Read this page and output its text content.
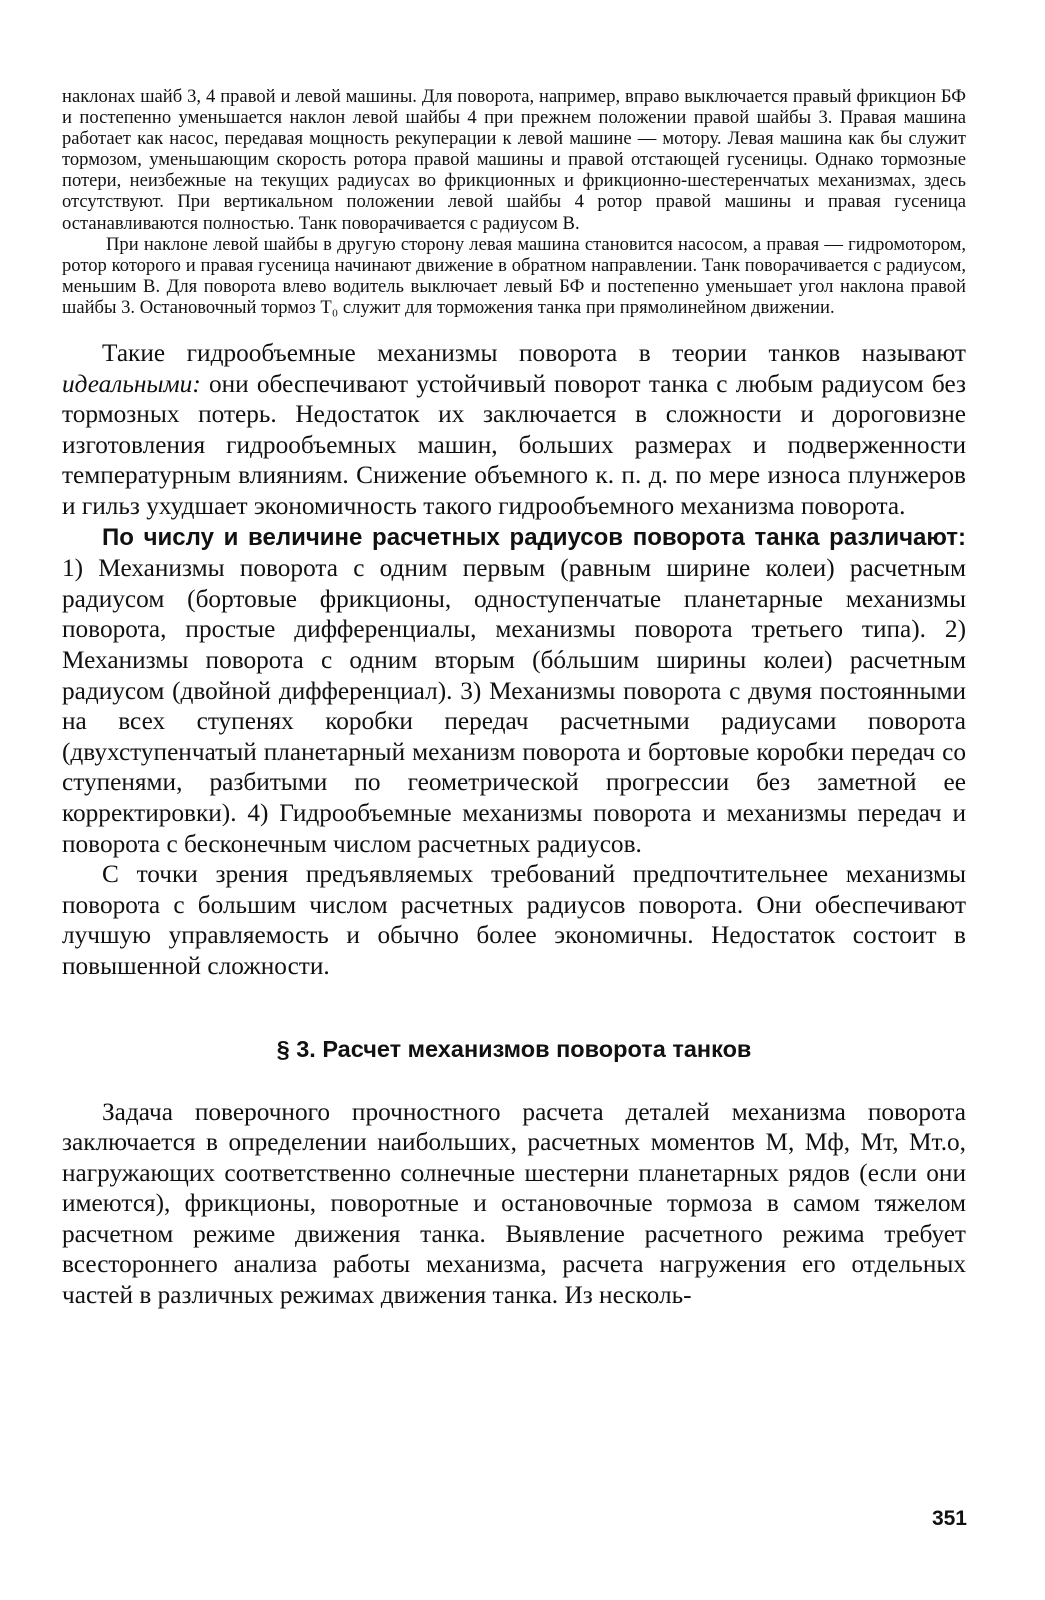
наклонах шайб 3, 4 правой и левой машины. Для поворота, например, вправо выключается правый фрикцион БФ и постепенно уменьшается наклон левой шайбы 4 при прежнем положении правой шайбы 3. Правая машина работает как насос, передавая мощность рекуперации к левой машине — мотору. Левая машина как бы служит тормозом, уменьшающим скорость ротора правой машины и правой отстающей гусеницы. Однако тормозные потери, неизбежные на текущих радиусах во фрикционных и фрикционно-шестеренчатых механизмах, здесь отсутствуют. При вертикальном положении левой шайбы 4 ротор правой машины и правая гусеница останавливаются полностью. Танк поворачивается с радиусом В.

При наклоне левой шайбы в другую сторону левая машина становится насосом, а правая — гидромотором, ротор которого и правая гусеница начинают движение в обратном направлении. Танк поворачивается с радиусом, меньшим В. Для поворота влево водитель выключает левый БФ и постепенно уменьшает угол наклона правой шайбы 3. Остановочный тормоз T₀ служит для торможения танка при прямолинейном движении.

Такие гидрообъемные механизмы поворота в теории танков называют идеальными: они обеспечивают устойчивый поворот танка с любым радиусом без тормозных потерь. Недостаток их заключается в сложности и дороговизне изготовления гидрообъемных машин, больших размерах и подверженности температурным влияниям. Снижение объемного к. п. д. по мере износа плунжеров и гильз ухудшает экономичность такого гидрообъемного механизма поворота.

По числу и величине расчетных радиусов поворота танка различают: 1) Механизмы поворота с одним первым (равным ширине колеи) расчетным радиусом (бортовые фрикционы, одноступенчатые планетарные механизмы поворота, простые дифференциалы, механизмы поворота третьего типа). 2) Механизмы поворота с одним вторым (бóльшим ширины колеи) расчетным радиусом (двойной дифференциал). 3) Механизмы поворота с двумя постоянными на всех ступенях коробки передач расчетными радиусами поворота (двухступенчатый планетарный механизм поворота и бортовые коробки передач со ступенями, разбитыми по геометрической прогрессии без заметной ее корректировки). 4) Гидрообъемные механизмы поворота и механизмы передач и поворота с бесконечным числом расчетных радиусов.

С точки зрения предъявляемых требований предпочтительнее механизмы поворота с большим числом расчетных радиусов поворота. Они обеспечивают лучшую управляемость и обычно более экономичны. Недостаток состоит в повышенной сложности.

§ 3. Расчет механизмов поворота танков

Задача поверочного прочностного расчета деталей механизма поворота заключается в определении наибольших, расчетных моментов M, Mф, Mт, Mт.о, нагружающих соответственно солнечные шестерни планетарных рядов (если они имеются), фрикционы, поворотные и остановочные тормоза в самом тяжелом расчетном режиме движения танка. Выявление расчетного режима требует всестороннего анализа работы механизма, расчета нагружения его отдельных частей в различных режимах движения танка. Из несколь-

351
